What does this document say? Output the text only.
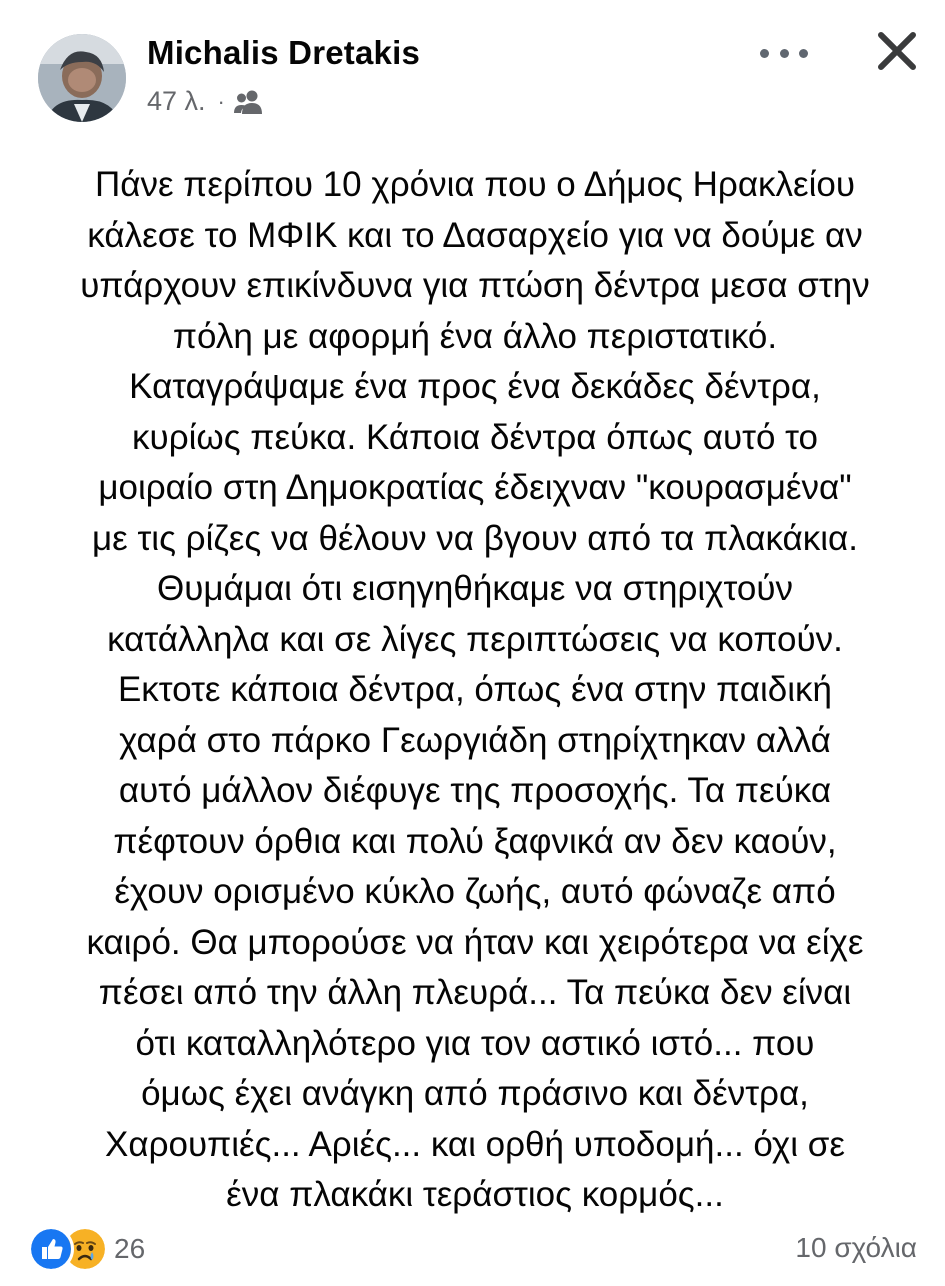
Michalis Dretakis
47 λ. ·
Πάνε περίπου 10 χρόνια που ο Δήμος Ηρακλείου
κάλεσε το ΜΦΙΚ και το Δασαρχείο για να δούμε αν
υπάρχουν επικίνδυνα για πτώση δέντρα μεσα στην
πόλη με αφορμή ένα άλλο περιστατικό.
Καταγράψαμε ένα προς ένα δεκάδες δέντρα,
κυρίως πεύκα. Κάποια δέντρα όπως αυτό το
μοιραίο στη Δημοκρατίας έδειχναν "κουρασμένα"
με τις ρίζες να θέλουν να βγουν από τα πλακάκια.
Θυμάμαι ότι εισηγηθήκαμε να στηριχτούν
κατάλληλα και σε λίγες περιπτώσεις να κοπούν.
Εκτοτε κάποια δέντρα, όπως ένα στην παιδική
χαρά στο πάρκο Γεωργιάδη στηρίχτηκαν αλλά
αυτό μάλλον διέφυγε της προσοχής. Τα πεύκα
πέφτουν όρθια και πολύ ξαφνικά αν δεν καούν,
έχουν ορισμένο κύκλο ζωής, αυτό φώναζε από
καιρό. Θα μπορούσε να ήταν και χειρότερα να είχε
πέσει από την άλλη πλευρά... Τα πεύκα δεν είναι
ότι καταλληλότερο για τον αστικό ιστό... που
όμως έχει ανάγκη από πράσινο και δέντρα,
Χαρουπιές... Αριές... και ορθή υποδομή... όχι σε
ένα πλακάκι τεράστιος κορμός...
26	10 σχόλια
